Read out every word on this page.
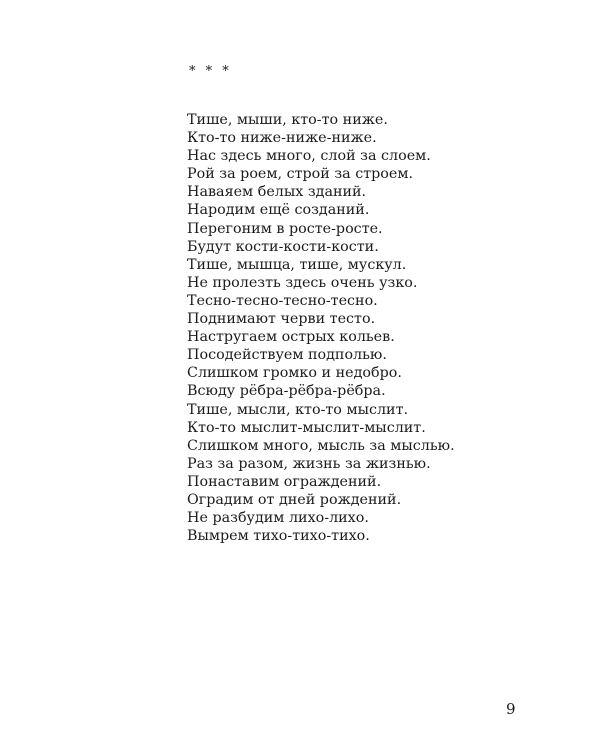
* * *

Тише, мыши, кто-то ниже.
Кто-то ниже-ниже-ниже.
Нас здесь много, слой за слоем.
Рой за роем, строй за строем.
Наваяем белых зданий.
Народим ещё созданий.
Перегоним в росте-росте.
Будут кости-кости-кости.
Тише, мышца, тише, мускул.
Не пролезть здесь очень узко.
Тесно-тесно-тесно-тесно.
Поднимают черви тесто.
Настругаем острых кольев.
Посодействуем подполью.
Слишком громко и недобро.
Всюду рёбра-рёбра-рёбра.
Тише, мысли, кто-то мыслит.
Кто-то мыслит-мыслит-мыслит.
Слишком много, мысль за мыслью.
Раз за разом, жизнь за жизнью.
Понаставим ограждений.
Оградим от дней рождений.
Не разбудим лихо-лихо.
Вымрем тихо-тихо-тихо.

9
